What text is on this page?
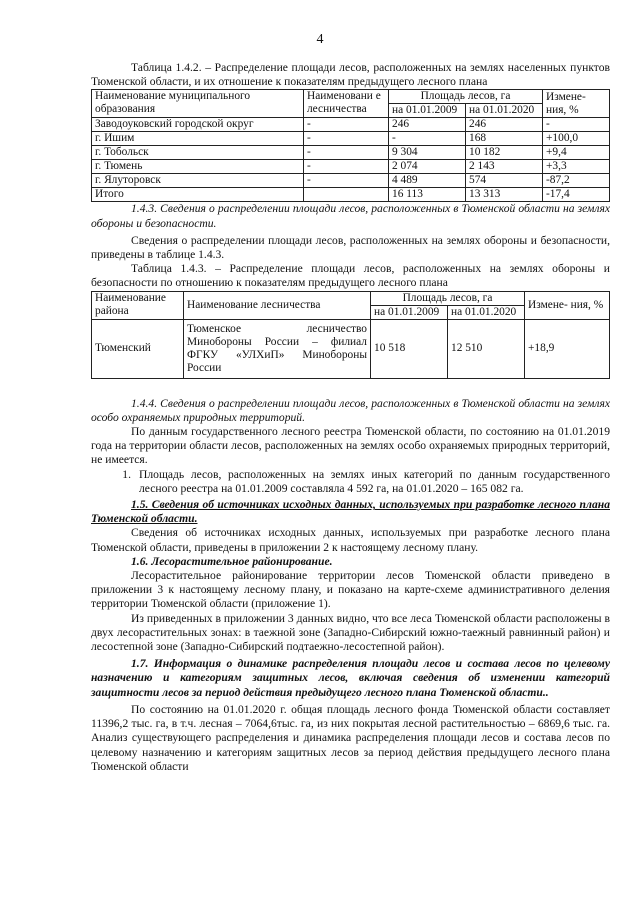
4

Таблица 1.4.2. – Распределение площади лесов, расположенных на землях населенных пунктов Тюменской области, и их отношение к показателям предыдущего лесного плана

Наименование муниципального образования	Наименовани е лесничества	Площадь лесов, га		Измене- ния, %
		на 01.01.2009	на 01.01.2020	
Заводоуковский городской округ	-	246	246	-
г. Ишим	-	-	168	+100,0
г. Тобольск	-	9 304	10 182	+9,4
г. Тюмень	-	2 074	2 143	+3,3
г. Ялуторовск	-	4 489	574	-87,2
Итого		16 113	13 313	-17,4

1.4.3. Сведения о распределении площади лесов, расположенных в Тюменской области на землях обороны и безопасности.

Сведения о распределении площади лесов, расположенных на землях обороны и безопасности, приведены в таблице 1.4.3.

Таблица 1.4.3. – Распределение площади лесов, расположенных на землях обороны и безопасности по отношению к показателям предыдущего лесного плана

Наименование района	Наименование лесничества	Площадь лесов, га		Измене- ния, %
		на 01.01.2009	на 01.01.2020	
Тюменский	Тюменское лесничество Минобороны России – филиал ФГКУ «УЛХиП» Минобороны России	10 518	12 510	+18,9

1.4.4. Сведения о распределении площади лесов, расположенных в Тюменской области на землях особо охраняемых природных территорий.

По данным государственного лесного реестра Тюменской области, по состоянию на 01.01.2019 года на территории области лесов, расположенных на землях особо охраняемых природных территорий, не имеется.

1. Площадь лесов, расположенных на землях иных категорий по данным государственного лесного реестра на 01.01.2009 составляла 4 592 га, на 01.01.2020 – 165 082 га.

1.5. Сведения об источниках исходных данных, используемых при разработке лесного плана Тюменской области.

Сведения об источниках исходных данных, используемых при разработке лесного плана Тюменской области, приведены в приложении 2 к настоящему лесному плану.

1.6. Лесорастительное районирование.

Лесорастительное районирование территории лесов Тюменской области приведено в приложении 3 к настоящему лесному плану, и показано на карте-схеме административного деления территории Тюменской области (приложение 1).

Из приведенных в приложении 3 данных видно, что все леса Тюменской области расположены в двух лесорастительных зонах: в таежной зоне (Западно-Сибирский южно-таежный равнинный район) и лесостепной зоне (Западно-Сибирский подтаежно-лесостепной район).

1.7. Информация о динамике распределения площади лесов и состава лесов по целевому назначению и категориям защитных лесов, включая сведения об изменении категорий защитности лесов за период действия предыдущего лесного плана Тюменской области..

По состоянию на 01.01.2020 г. общая площадь лесного фонда Тюменской области составляет 11396,2 тыс. га, в т.ч. лесная – 7064,6тыс. га, из них покрытая лесной растительностью – 6869,6 тыс. га. Анализ существующего распределения и динамика распределения площади лесов и состава лесов по целевому назначению и категориям защитных лесов за период действия предыдущего лесного плана Тюменской области
